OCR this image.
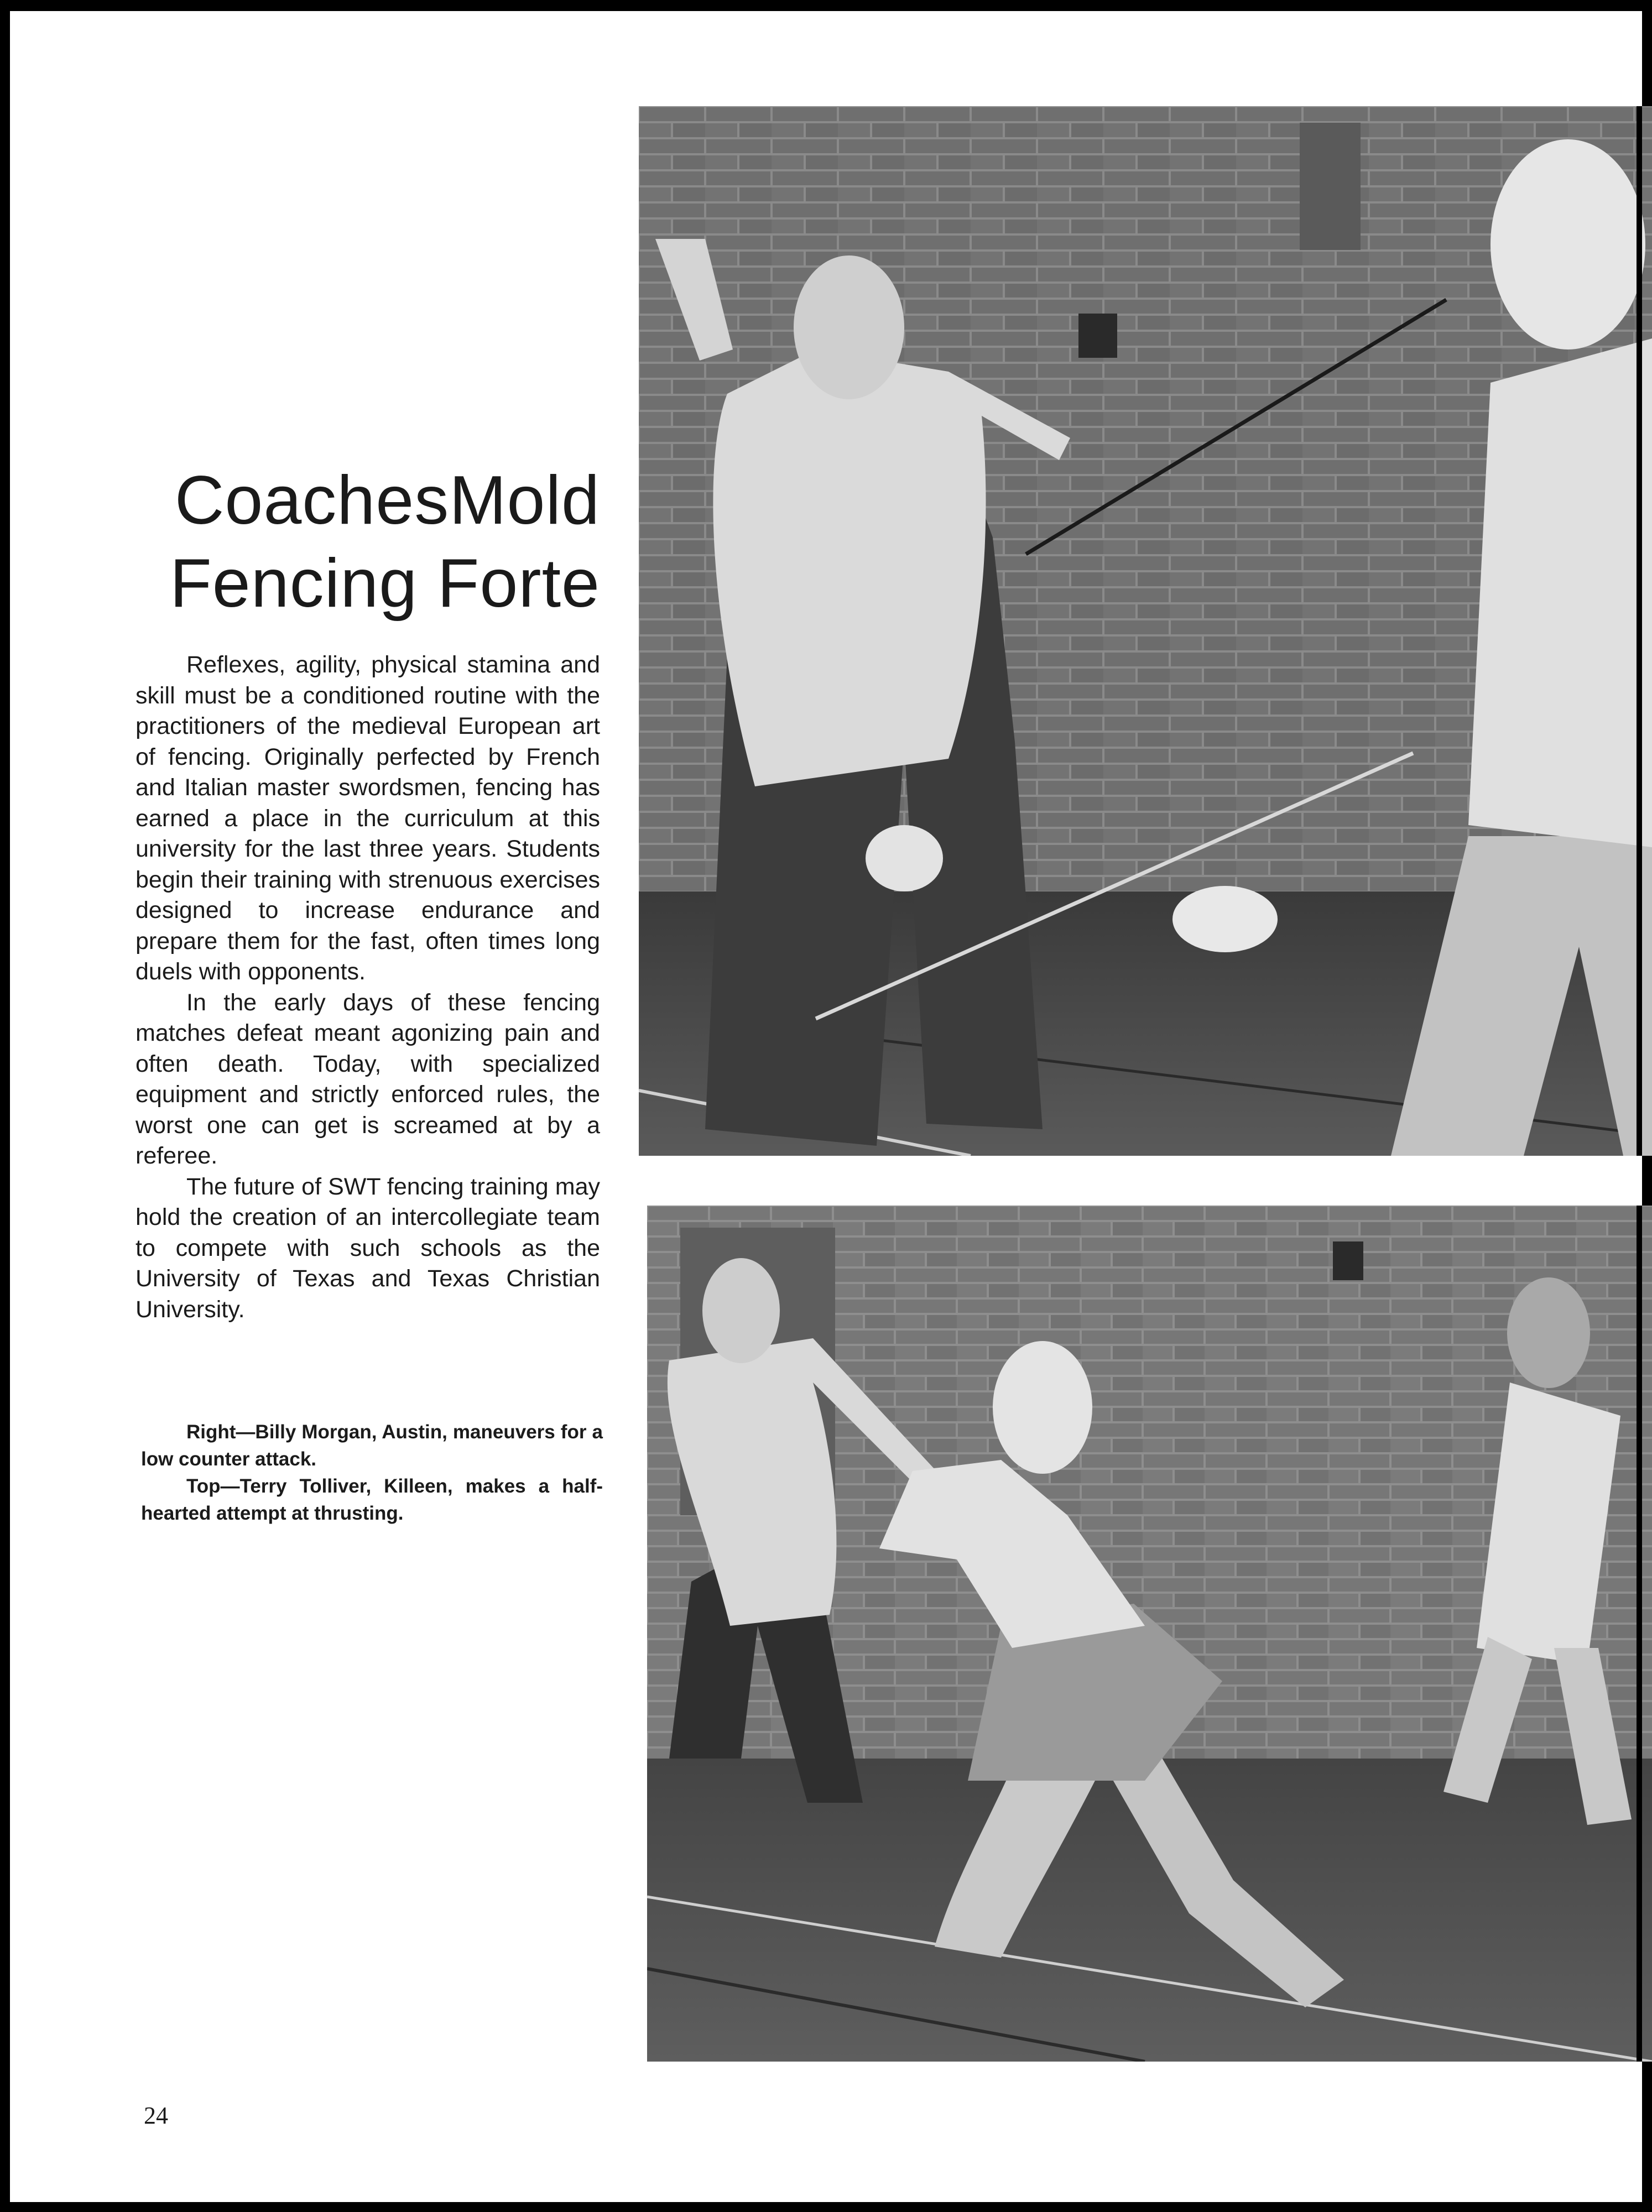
CoachesMold
Fencing Forte

Reflexes, agility, physical stamina and skill must be a conditioned routine with the practitioners of the medieval European art of fencing. Originally perfected by French and Italian master swordsmen, fencing has earned a place in the curriculum at this university for the last three years. Students begin their training with strenuous exercises designed to increase endurance and prepare them for the fast, often times long duels with opponents.

In the early days of these fencing matches defeat meant agonizing pain and often death. Today, with specialized equipment and strictly enforced rules, the worst one can get is screamed at by a referee.

The future of SWT fencing training may hold the creation of an intercollegiate team to compete with such schools as the University of Texas and Texas Christian University.

Right—Billy Morgan, Austin, maneuvers for a low counter attack.

Top—Terry Tolliver, Killeen, makes a half-hearted attempt at thrusting.

24
